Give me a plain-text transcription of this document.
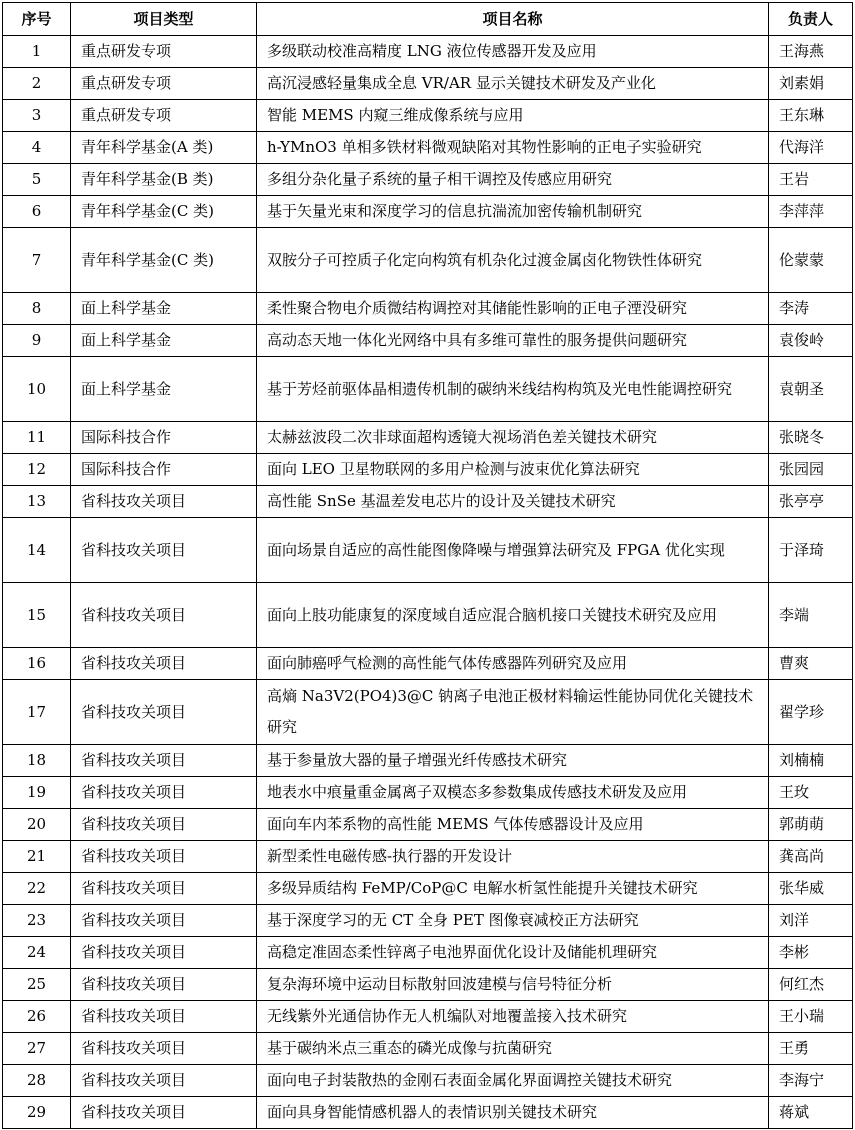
序号	项目类型	项目名称	负责人
1	重点研发专项	多级联动校准高精度 LNG 液位传感器开发及应用	王海燕
2	重点研发专项	高沉浸感轻量集成全息 VR/AR 显示关键技术研发及产业化	刘素娟
3	重点研发专项	智能 MEMS 内窥三维成像系统与应用	王东琳
4	青年科学基金(A 类)	h-YMnO3 单相多铁材料微观缺陷对其物性影响的正电子实验研究	代海洋
5	青年科学基金(B 类)	多组分杂化量子系统的量子相干调控及传感应用研究	王岩
6	青年科学基金(C 类)	基于矢量光束和深度学习的信息抗湍流加密传输机制研究	李萍萍
7	青年科学基金(C 类)	双胺分子可控质子化定向构筑有机杂化过渡金属卤化物铁性体研究	伦蒙蒙
8	面上科学基金	柔性聚合物电介质微结构调控对其储能性影响的正电子湮没研究	李涛
9	面上科学基金	高动态天地一体化光网络中具有多维可靠性的服务提供问题研究	袁俊岭
10	面上科学基金	基于芳烃前驱体晶相遗传机制的碳纳米线结构构筑及光电性能调控研究	袁朝圣
11	国际科技合作	太赫兹波段二次非球面超构透镜大视场消色差关键技术研究	张晓冬
12	国际科技合作	面向 LEO 卫星物联网的多用户检测与波束优化算法研究	张园园
13	省科技攻关项目	高性能 SnSe 基温差发电芯片的设计及关键技术研究	张亭亭
14	省科技攻关项目	面向场景自适应的高性能图像降噪与增强算法研究及 FPGA 优化实现	于泽琦
15	省科技攻关项目	面向上肢功能康复的深度域自适应混合脑机接口关键技术研究及应用	李端
16	省科技攻关项目	面向肺癌呼气检测的高性能气体传感器阵列研究及应用	曹爽
17	省科技攻关项目	高熵 Na3V2(PO4)3@C 钠离子电池正极材料输运性能协同优化关键技术研究	翟学珍
18	省科技攻关项目	基于参量放大器的量子增强光纤传感技术研究	刘楠楠
19	省科技攻关项目	地表水中痕量重金属离子双模态多参数集成传感技术研发及应用	王玫
20	省科技攻关项目	面向车内苯系物的高性能 MEMS 气体传感器设计及应用	郭萌萌
21	省科技攻关项目	新型柔性电磁传感-执行器的开发设计	龚高尚
22	省科技攻关项目	多级异质结构 FeMP/CoP@C 电解水析氢性能提升关键技术研究	张华威
23	省科技攻关项目	基于深度学习的无 CT 全身 PET 图像衰减校正方法研究	刘洋
24	省科技攻关项目	高稳定准固态柔性锌离子电池界面优化设计及储能机理研究	李彬
25	省科技攻关项目	复杂海环境中运动目标散射回波建模与信号特征分析	何红杰
26	省科技攻关项目	无线紫外光通信协作无人机编队对地覆盖接入技术研究	王小瑞
27	省科技攻关项目	基于碳纳米点三重态的磷光成像与抗菌研究	王勇
28	省科技攻关项目	面向电子封装散热的金刚石表面金属化界面调控关键技术研究	李海宁
29	省科技攻关项目	面向具身智能情感机器人的表情识别关键技术研究	蒋斌
